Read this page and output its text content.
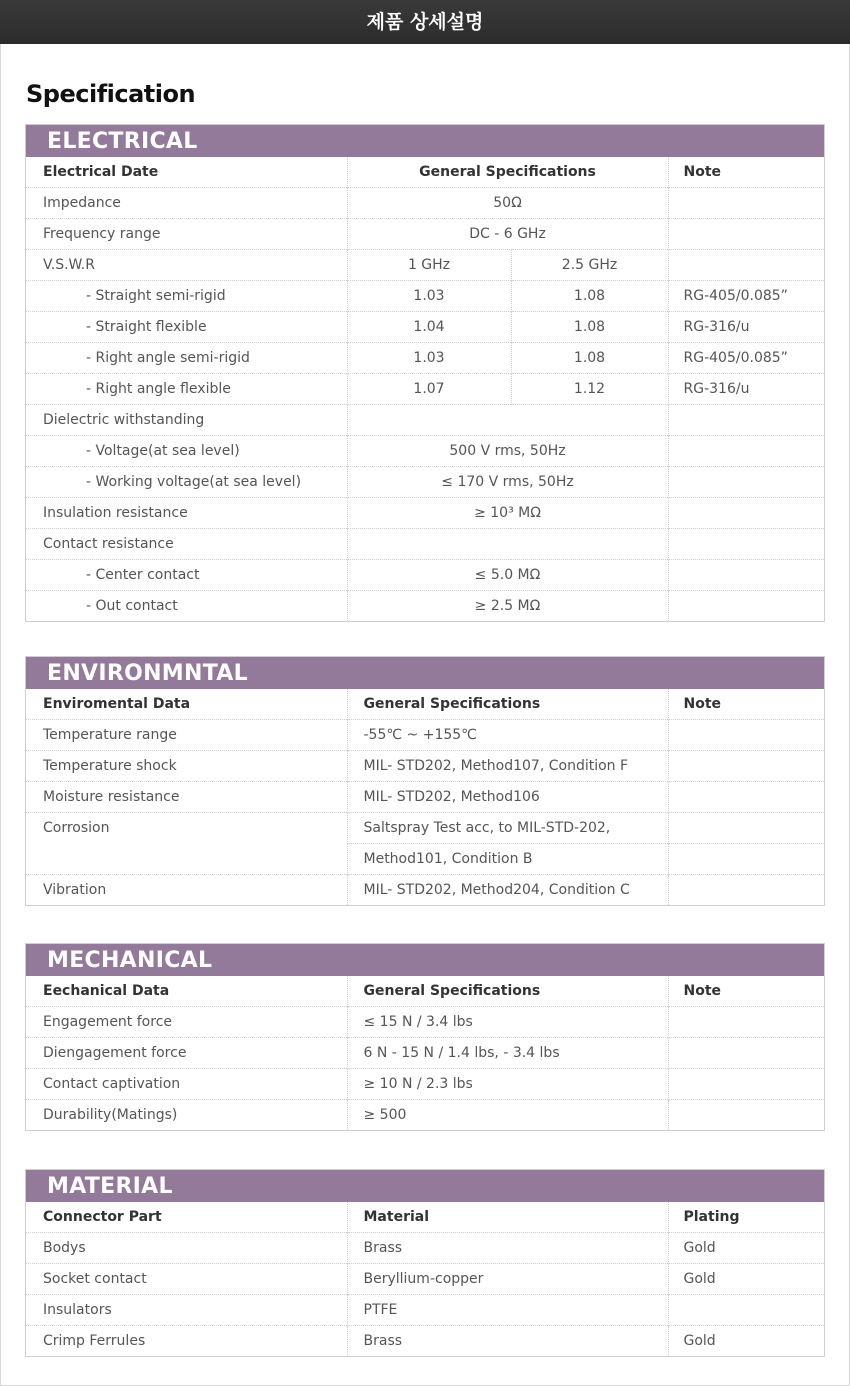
제품 상세설명
Specification
ELECTRICAL
Electrical Date	General Specifications		Note
Impedance	50Ω		
Frequency range	DC - 6 GHz		
V.S.W.R	1 GHz	2.5 GHz	
- Straight semi-rigid	1.03	1.08	RG-405/0.085”
- Straight flexible	1.04	1.08	RG-316/u
- Right angle semi-rigid	1.03	1.08	RG-405/0.085”
- Right angle flexible	1.07	1.12	RG-316/u
Dielectric withstanding			
- Voltage(at sea level)	500 V rms, 50Hz		
- Working voltage(at sea level)	≤ 170 V rms, 50Hz		
Insulation resistance	≥ 10³ MΩ		
Contact resistance			
- Center contact	≤ 5.0 MΩ		
- Out contact	≥ 2.5 MΩ		
ENVIRONMNTAL
Enviromental Data	General Specifications	Note
Temperature range	-55℃ ~ +155℃	
Temperature shock	MIL- STD202, Method107, Condition F	
Moisture resistance	MIL- STD202, Method106	
Corrosion	Saltspray Test acc, to MIL-STD-202,	
	Method101, Condition B	
Vibration	MIL- STD202, Method204, Condition C	
MECHANICAL
Eechanical Data	General Specifications	Note
Engagement force	≤ 15 N / 3.4 lbs	
Diengagement force	6 N - 15 N / 1.4 lbs, - 3.4 lbs	
Contact captivation	≥ 10 N / 2.3 lbs	
Durability(Matings)	≥ 500	
MATERIAL
Connector Part	Material	Plating
Bodys	Brass	Gold
Socket contact	Beryllium-copper	Gold
Insulators	PTFE	
Crimp Ferrules	Brass	Gold
